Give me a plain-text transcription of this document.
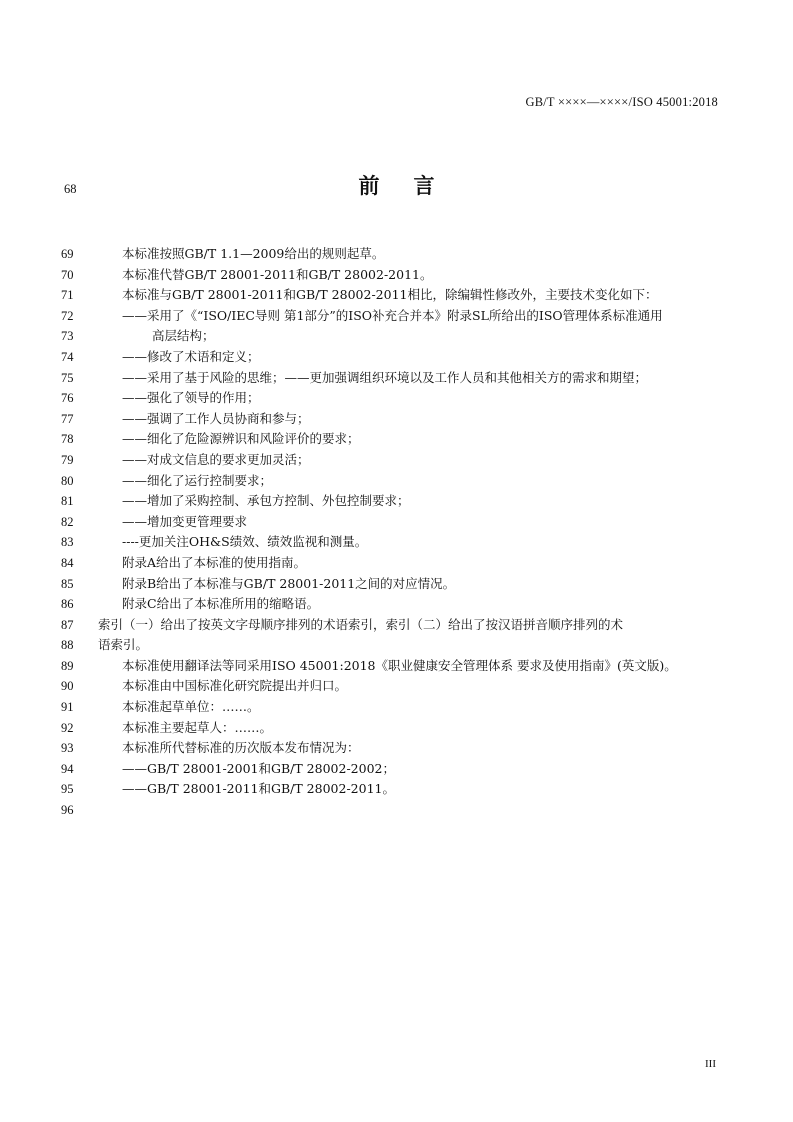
GB/T ××××—××××/ISO 45001:2018
68	前言
69	本标准按照GB/T 1.1—2009给出的规则起草。
70	本标准代替GB/T 28001-2011和GB/T 28002-2011。
71	本标准与GB/T 28001-2011和GB/T 28002-2011相比，除编辑性修改外，主要技术变化如下：
72	——采用了《“ISO/IEC导则 第1部分”的ISO补充合并本》附录SL所给出的ISO管理体系标准通用
73	高层结构；
74	——修改了术语和定义；
75	——采用了基于风险的思维；——更加强调组织环境以及工作人员和其他相关方的需求和期望；
76	——强化了领导的作用；
77	——强调了工作人员协商和参与；
78	——细化了危险源辨识和风险评价的要求；
79	——对成文信息的要求更加灵活；
80	——细化了运行控制要求；
81	——增加了采购控制、承包方控制、外包控制要求；
82	——增加变更管理要求
83	----更加关注OH&S绩效、绩效监视和测量。
84	附录A给出了本标准的使用指南。
85	附录B给出了本标准与GB/T 28001-2011之间的对应情况。
86	附录C给出了本标准所用的缩略语。
87 索引（一）给出了按英文字母顺序排列的术语索引，索引（二）给出了按汉语拼音顺序排列的术
88 语索引。
89	本标准使用翻译法等同采用ISO 45001:2018《职业健康安全管理体系 要求及使用指南》(英文版)。
90	本标准由中国标准化研究院提出并归口。
91	本标准起草单位：……。
92	本标准主要起草人：……。
93	本标准所代替标准的历次版本发布情况为：
94	——GB/T 28001-2001和GB/T 28002-2002；
95	——GB/T 28001-2011和GB/T 28002-2011。
96
III
